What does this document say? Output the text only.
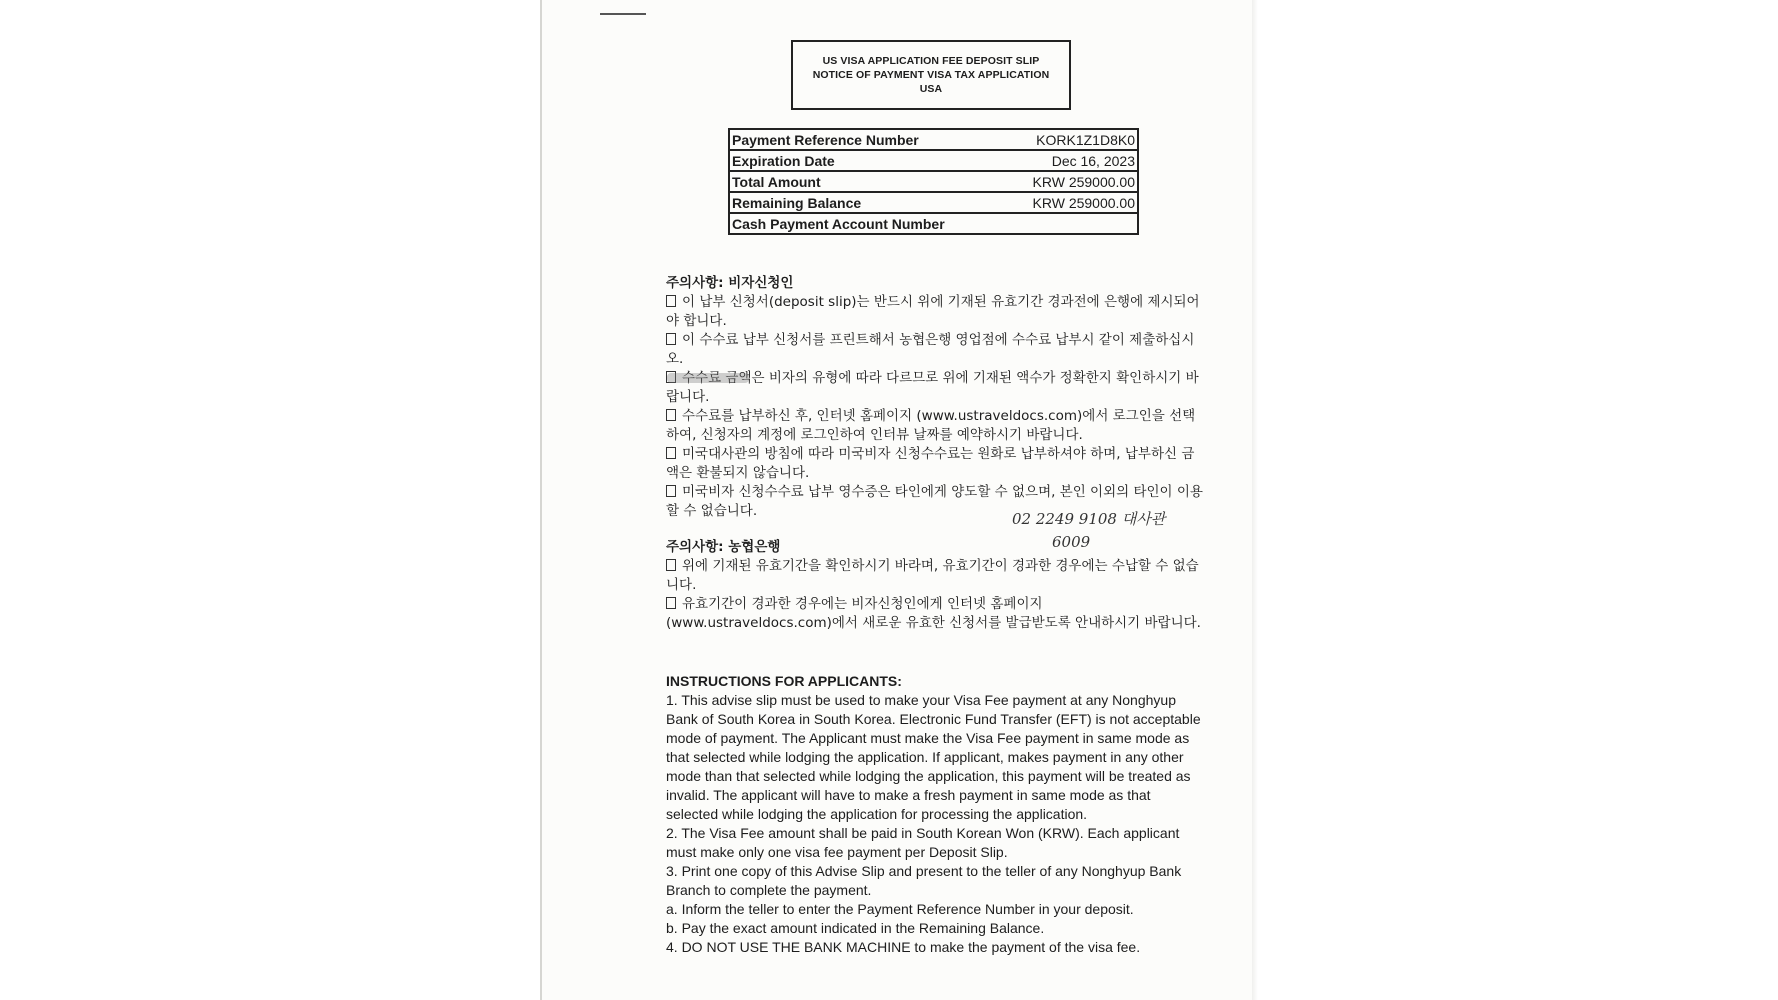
US VISA APPLICATION FEE DEPOSIT SLIP
NOTICE OF PAYMENT VISA TAX APPLICATION
USA
Payment Reference Number	KORK1Z1D8K0
Expiration Date	Dec 16, 2023
Total Amount	KRW 259000.00
Remaining Balance	KRW 259000.00
Cash Payment Account Number	

주의사항: 비자신청인

이 납부 신청서(deposit slip)는 반드시 위에 기재된 유효기간 경과전에 은행에 제시되어야 합니다.

이 수수료 납부 신청서를 프린트해서 농협은행 영업점에 수수료 납부시 같이 제출하십시오.

수수료 금액은 비자의 유형에 따라 다르므로 위에 기재된 액수가 정확한지 확인하시기 바랍니다.

수수료를 납부하신 후, 인터넷 홈페이지 (www.ustraveldocs.com)에서 로그인을 선택하여, 신청자의 계정에 로그인하여 인터뷰 날짜를 예약하시기 바랍니다.

미국대사관의 방침에 따라 미국비자 신청수수료는 원화로 납부하셔야 하며, 납부하신 금액은 환불되지 않습니다.

미국비자 신청수수료 납부 영수증은 타인에게 양도할 수 없으며, 본인 이외의 타인이 이용할 수 없습니다.	02 2249 9108 대사관
6009

주의사항: 농협은행

위에 기재된 유효기간을 확인하시기 바라며, 유효기간이 경과한 경우에는 수납할 수 없습니다.

유효기간이 경과한 경우에는 비자신청인에게 인터넷 홈페이지 (www.ustraveldocs.com)에서 새로운 유효한 신청서를 발급받도록 안내하시기 바랍니다.

INSTRUCTIONS FOR APPLICANTS:

1. This advise slip must be used to make your Visa Fee payment at any Nonghyup Bank of South Korea in South Korea. Electronic Fund Transfer (EFT) is not acceptable mode of payment. The Applicant must make the Visa Fee payment in same mode as that selected while lodging the application. If applicant, makes payment in any other mode than that selected while lodging the application, this payment will be treated as invalid. The applicant will have to make a fresh payment in same mode as that selected while lodging the application for processing the application.

2. The Visa Fee amount shall be paid in South Korean Won (KRW). Each applicant must make only one visa fee payment per Deposit Slip.

3. Print one copy of this Advise Slip and present to the teller of any Nonghyup Bank Branch to complete the payment.

a. Inform the teller to enter the Payment Reference Number in your deposit.

b. Pay the exact amount indicated in the Remaining Balance.

4. DO NOT USE THE BANK MACHINE to make the payment of the visa fee.
